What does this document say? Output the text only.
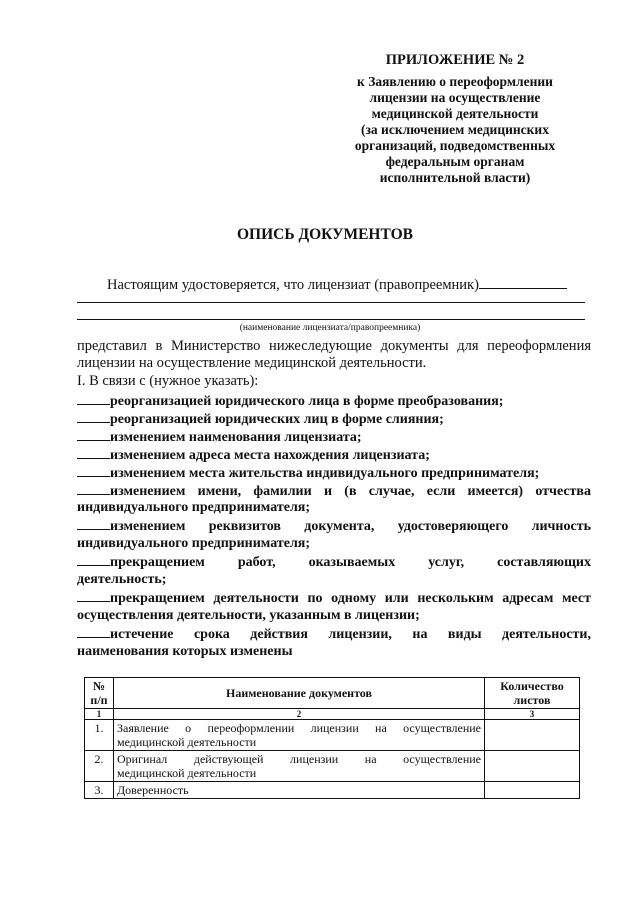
ПРИЛОЖЕНИЕ № 2
к Заявлению о переоформлении
лицензии на осуществление
медицинской деятельности
(за исключением медицинских
организаций, подведомственных
федеральным органам
исполнительной власти)
ОПИСЬ ДОКУМЕНТОВ
Настоящим удостоверяется, что лицензиат (правопреемник)
(наименование лицензиата/правопреемника)
представил в Министерство нижеследующие документы для переоформления
лицензии на осуществление медицинской деятельности.
I. В связи с (нужное указать):
реорганизацией юридического лица в форме преобразования;
реорганизацией юридических лиц в форме слияния;
изменением наименования лицензиата;
изменением адреса места нахождения лицензиата;
изменением места жительства индивидуального предпринимателя;
изменением имени, фамилии и (в случае, если имеется) отчества
индивидуального предпринимателя;
изменением реквизитов документа, удостоверяющего личность
индивидуального предпринимателя;
прекращением работ, оказываемых услуг, составляющих
деятельность;
прекращением деятельности по одному или нескольким адресам мест
осуществления деятельности, указанным в лицензии;
истечение срока действия лицензии, на виды деятельности,
наименования которых изменены
№ п/п	Наименование документов	Количество листов
1	2	3
1.	Заявление о переоформлении лицензии на осуществление
медицинской деятельности	

2.	Оригинал действующей лицензии на осуществление
медицинской деятельности	

3.	Доверенность	
